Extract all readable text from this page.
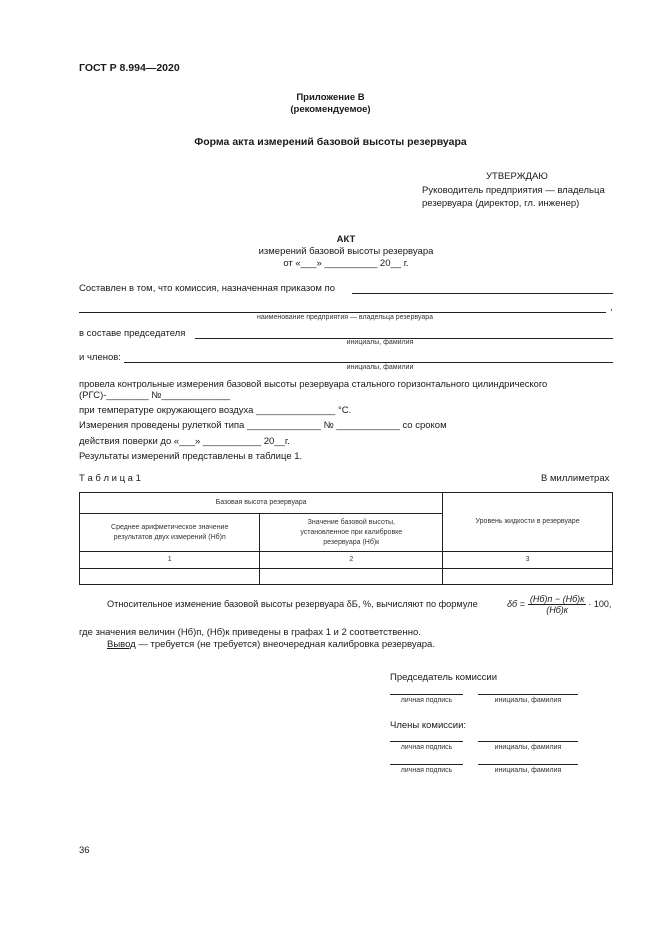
ГОСТ Р 8.994—2020
Приложение В
(рекомендуемое)
Форма акта измерений базовой высоты резервуара
УТВЕРЖДАЮ
Руководитель предприятия — владельца
резервуара (директор, гл. инженер)
АКТ
измерений базовой высоты резервуара
от «___» __________ 20__ г.
Составлен в том, что комиссия, назначенная приказом по
,
наименование предприятия — владельца резервуара
в составе председателя
инициалы, фамилия
и членов:
инициалы, фамилии
провела контрольные измерения базовой высоты резервуара стального горизонтального цилиндрического
(РГС)-________ №_____________
при температуре окружающего воздуха _______________ °С.
Измерения проведены рулеткой типа ______________ № ____________ со сроком
действия поверки до «___» ___________ 20__г.
Результаты измерений представлены в таблице 1.
Т а б л и ц а 1	В миллиметрах
Базовая высота резервуара		Уровень жидкости в резервуаре
Среднее арифметическое значение
результатов двух измерений (Hб)п	Значение базовой высоты,
установленное при калибровке
резервуара (Hб)к	
1	2	3

Относительное изменение базовой высоты резервуара δБ, %, вычисляют по формуле	$\delta б = \frac{(Hб)п - (Hб)к}{(Hб)к} \cdot 100$,
где значения величин (Hб)п, (Hб)к приведены в графах 1 и 2 соответственно.
Вывод — требуется (не требуется) внеочередная калибровка резервуара.
Председатель комиссии
личная подпись	инициалы, фамилия
Члены комиссии:
личная подпись	инициалы, фамилия
личная подпись	инициалы, фамилия
36
